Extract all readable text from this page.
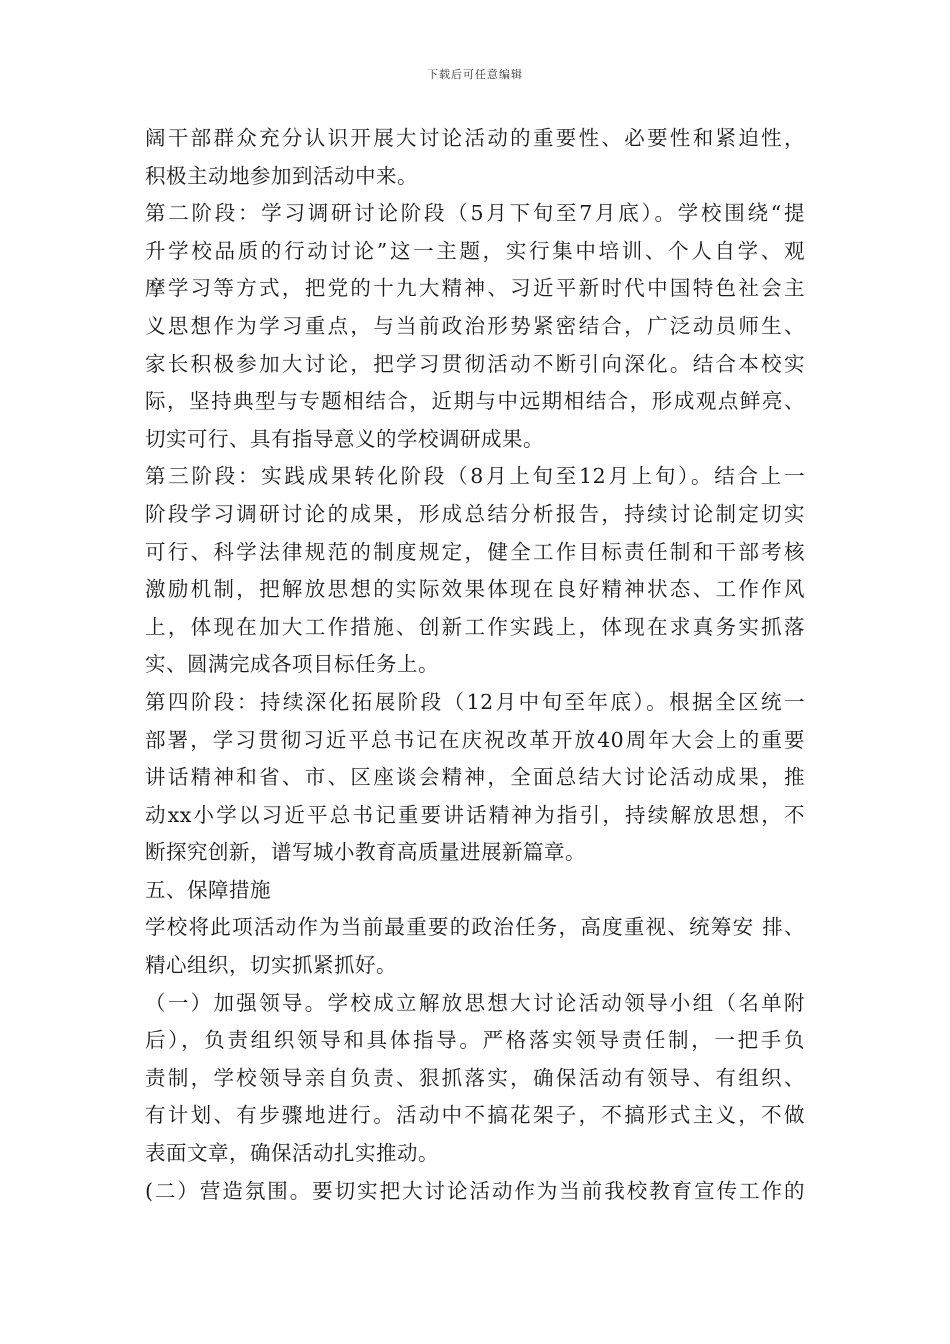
下载后可任意编辑
阔干部群众充分认识开展大讨论活动的重要性、必要性和紧迫性，
积极主动地参加到活动中来。
第二阶段：学习调研讨论阶段（5月下旬至7月底）。学校围绕“提
升学校品质的行动讨论”这一主题，实行集中培训、个人自学、观
摩学习等方式，把党的十九大精神、习近平新时代中国特色社会主
义思想作为学习重点，与当前政治形势紧密结合，广泛动员师生、
家长积极参加大讨论，把学习贯彻活动不断引向深化。结合本校实
际，坚持典型与专题相结合，近期与中远期相结合，形成观点鲜亮、
切实可行、具有指导意义的学校调研成果。
第三阶段：实践成果转化阶段（8月上旬至12月上旬）。结合上一
阶段学习调研讨论的成果，形成总结分析报告，持续讨论制定切实
可行、科学法律规范的制度规定，健全工作目标责任制和干部考核
激励机制，把解放思想的实际效果体现在良好精神状态、工作作风
上，体现在加大工作措施、创新工作实践上，体现在求真务实抓落
实、圆满完成各项目标任务上。
第四阶段：持续深化拓展阶段（12月中旬至年底）。根据全区统一
部署，学习贯彻习近平总书记在庆祝改革开放40周年大会上的重要
讲话精神和省、市、区座谈会精神，全面总结大讨论活动成果，推
动xx小学以习近平总书记重要讲话精神为指引，持续解放思想，不
断探究创新，谱写城小教育高质量进展新篇章。
五、保障措施
学校将此项活动作为当前最重要的政治任务，高度重视、统筹安 排、
精心组织，切实抓紧抓好。
（一）加强领导。学校成立解放思想大讨论活动领导小组（名单附
后），负责组织领导和具体指导。严格落实领导责任制，一把手负
责制，学校领导亲自负责、狠抓落实，确保活动有领导、有组织、
有计划、有步骤地进行。活动中不搞花架子，不搞形式主义，不做
表面文章，确保活动扎实推动。
(二）营造氛围。要切实把大讨论活动作为当前我校教育宣传工作的
